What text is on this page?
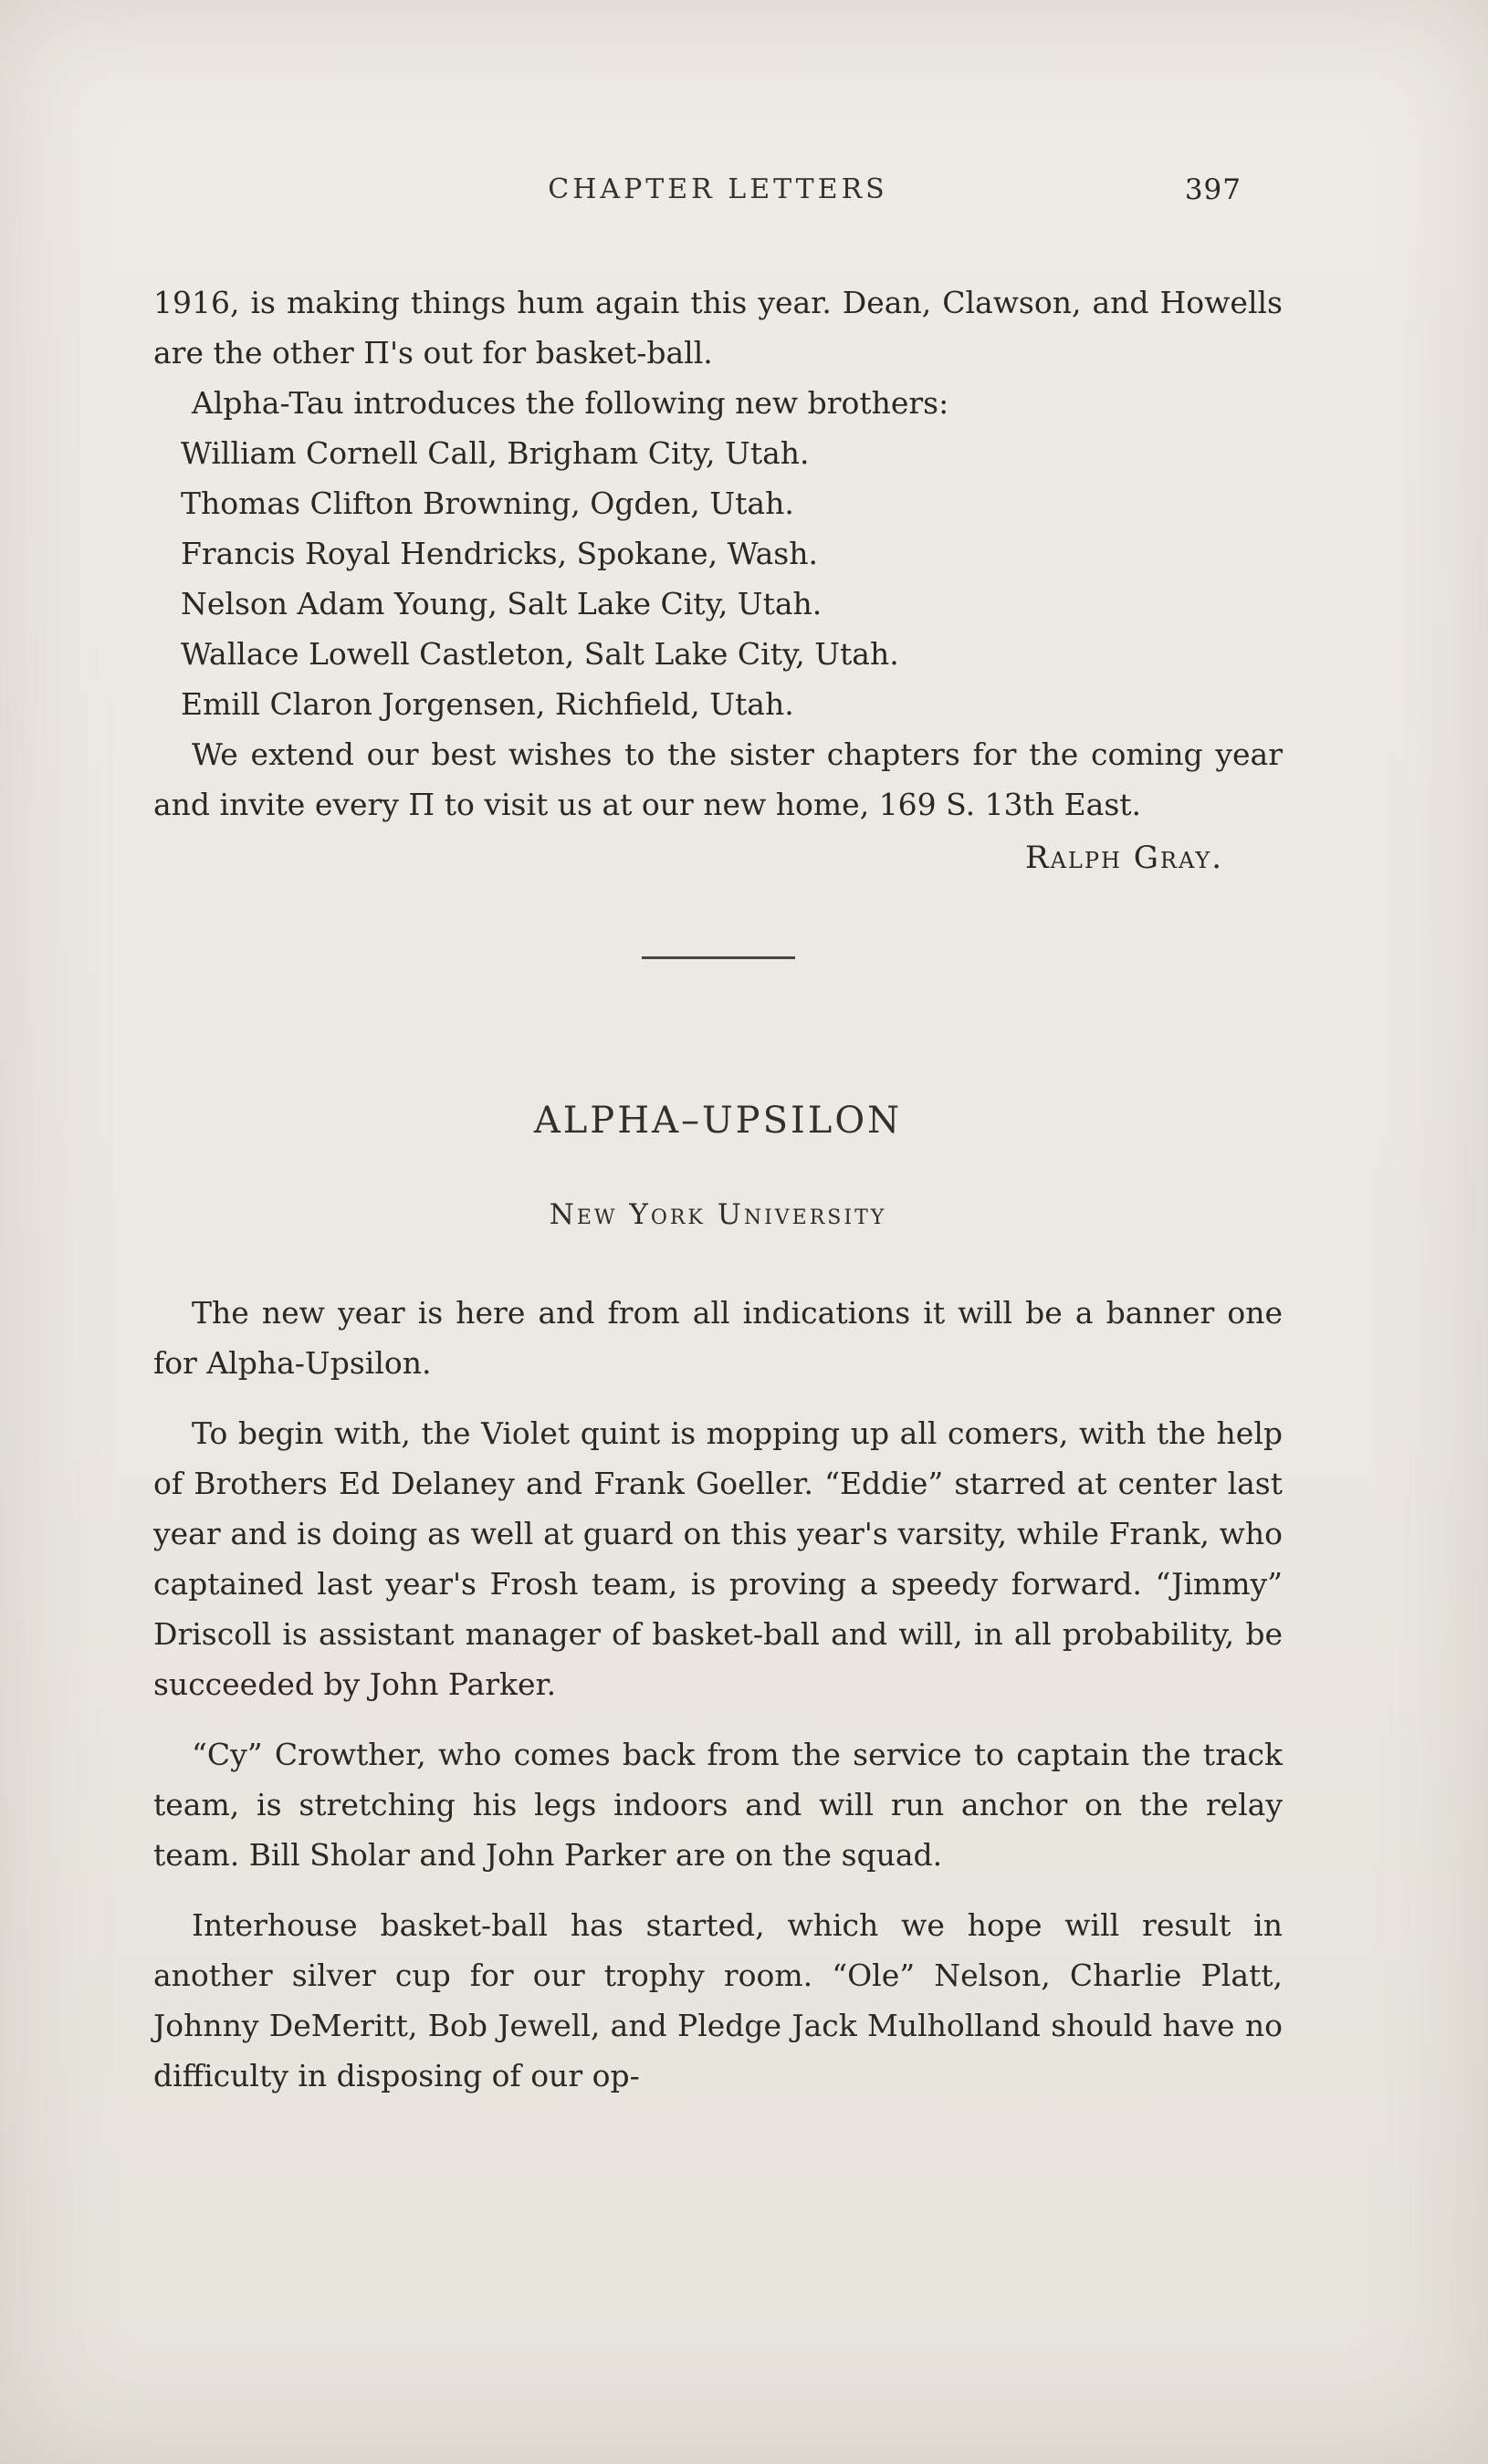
CHAPTER LETTERS	397

1916, is making things hum again this year. Dean, Clawson, and Howells are the other Π's out for basket-ball.

Alpha-Tau introduces the following new brothers:

William Cornell Call, Brigham City, Utah.
Thomas Clifton Browning, Ogden, Utah.
Francis Royal Hendricks, Spokane, Wash.
Nelson Adam Young, Salt Lake City, Utah.
Wallace Lowell Castleton, Salt Lake City, Utah.
Emill Claron Jorgensen, Richfield, Utah.

We extend our best wishes to the sister chapters for the coming year and invite every Π to visit us at our new home, 169 S. 13th East.

Ralph Gray.
ALPHA–UPSILON
New York University

The new year is here and from all indications it will be a banner one for Alpha-Upsilon.

To begin with, the Violet quint is mopping up all comers, with the help of Brothers Ed Delaney and Frank Goeller. “Eddie” starred at center last year and is doing as well at guard on this year's varsity, while Frank, who captained last year's Frosh team, is proving a speedy forward. “Jimmy” Driscoll is assistant manager of basket-ball and will, in all probability, be succeeded by John Parker.

“Cy” Crowther, who comes back from the service to captain the track team, is stretching his legs indoors and will run anchor on the relay team. Bill Sholar and John Parker are on the squad.

Interhouse basket-ball has started, which we hope will result in another silver cup for our trophy room. “Ole” Nelson, Charlie Platt, Johnny DeMeritt, Bob Jewell, and Pledge Jack Mulholland should have no difficulty in disposing of our op-
